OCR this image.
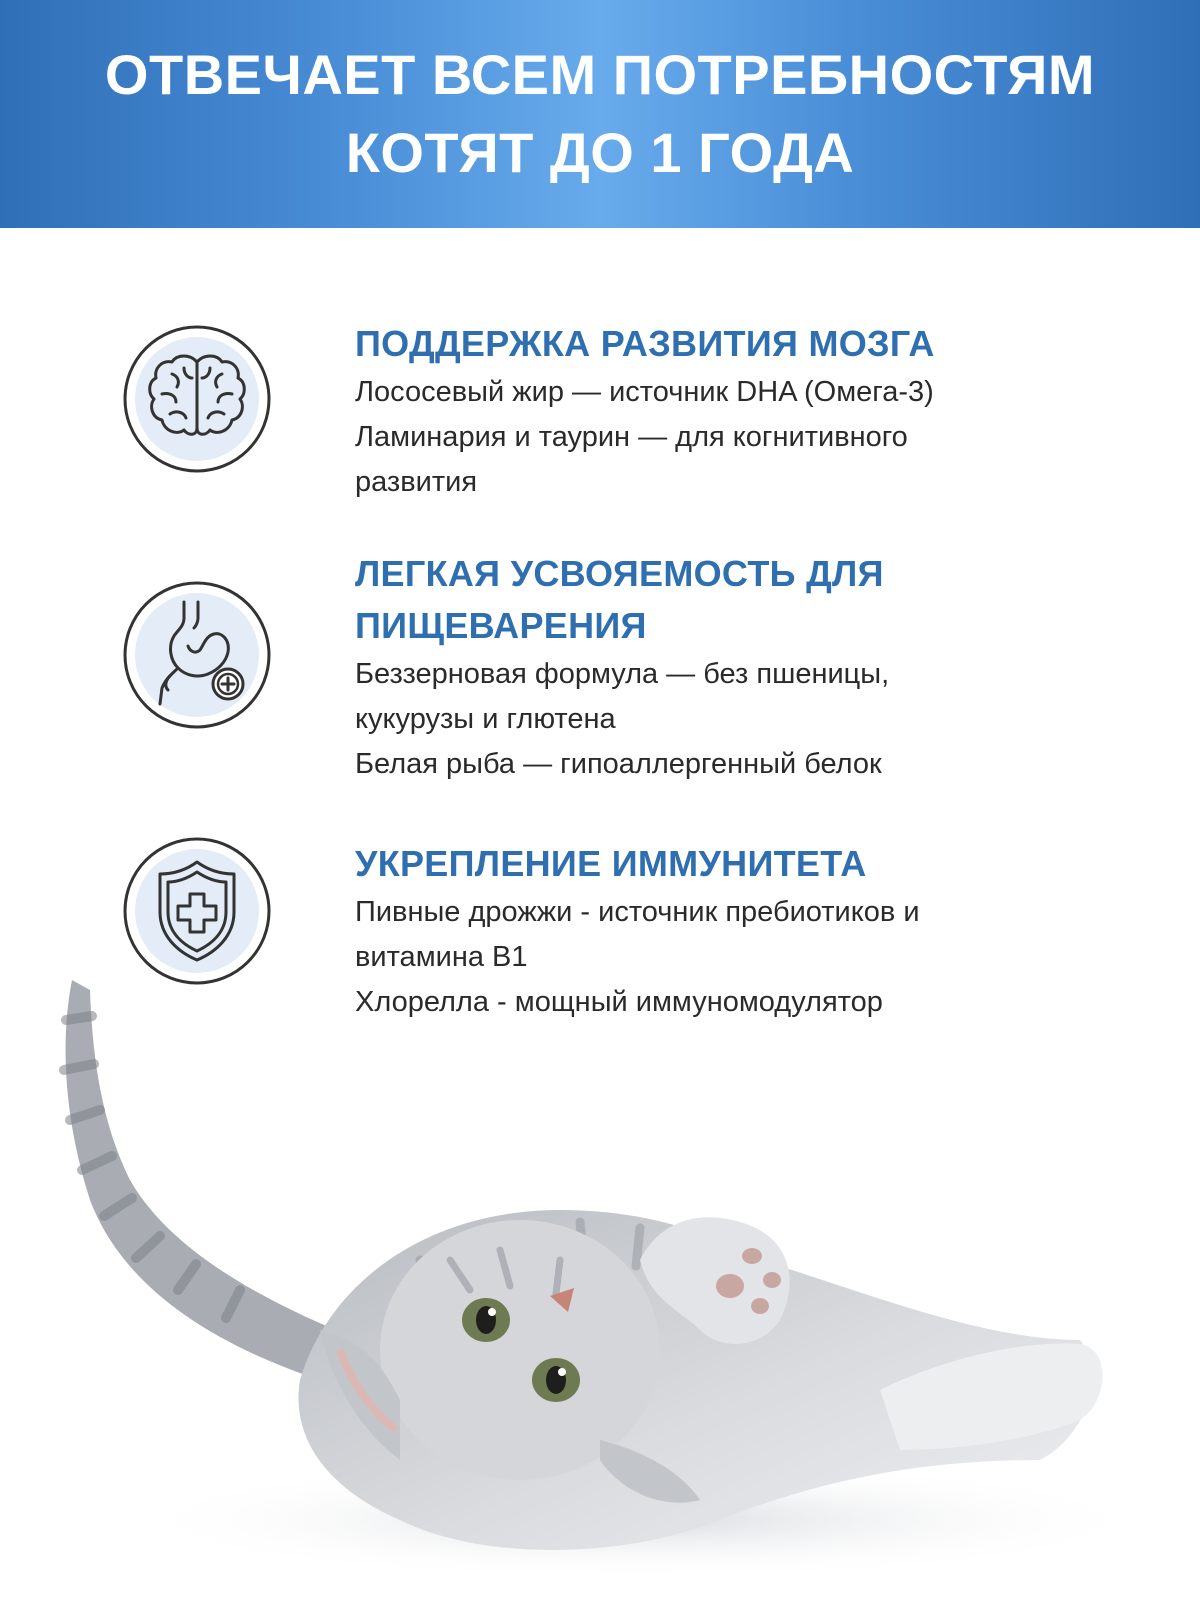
ОТВЕЧАЕТ ВСЕМ ПОТРЕБНОСТЯМ
КОТЯТ ДО 1 ГОДА
ПОДДЕРЖКА РАЗВИТИЯ МОЗГА
Лососевый жир — источник DHA (Омега-3)
Ламинария и таурин — для когнитивного
развития
ЛЕГКАЯ УСВОЯЕМОСТЬ ДЛЯ
ПИЩЕВАРЕНИЯ
Беззерновая формула — без пшеницы,
кукурузы и глютена
Белая рыба — гипоаллергенный белок
УКРЕПЛЕНИЕ ИММУНИТЕТА
Пивные дрожжи - источник пребиотиков и
витамина B1
Хлорелла - мощный иммуномодулятор
